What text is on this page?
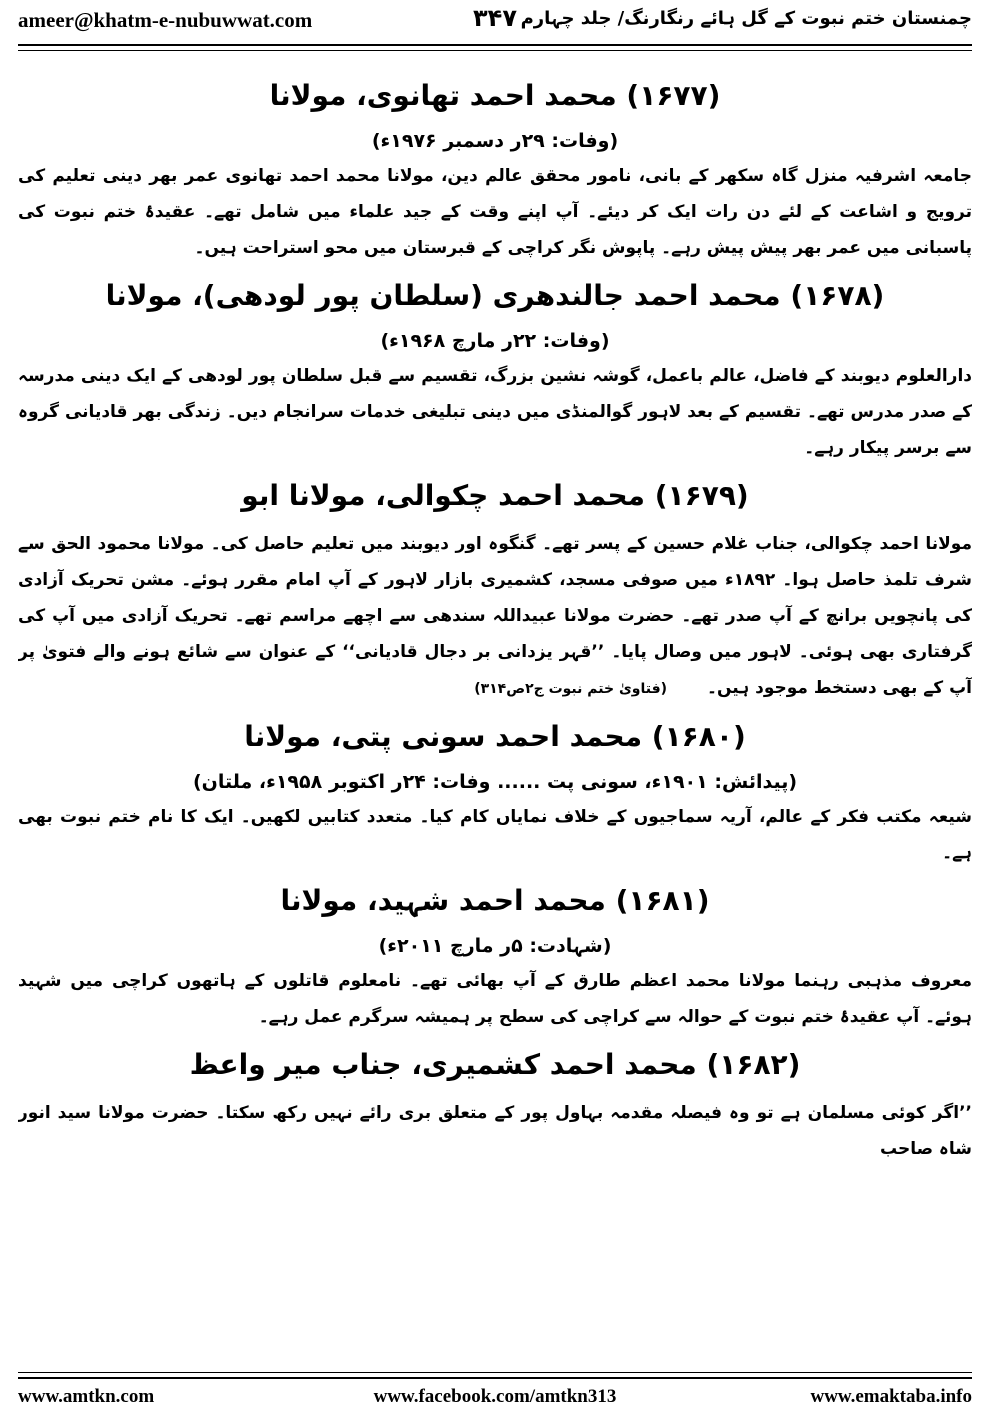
ameer@khatm-e-nubuwwat.com	۳۴۷ چمنستان ختم نبوت کے گل ہائے رنگارنگ/ جلد چہارم
(۱۶۷۷) محمد احمد تھانوی، مولانا
(وفات: ۲۹ر دسمبر ۱۹۷۶ء)
جامعہ اشرفیہ منزل گاہ سکھر کے بانی، نامور محقق عالم دین، مولانا محمد احمد تھانوی عمر بھر دینی تعلیم کی ترویج و اشاعت کے لئے دن رات ایک کر دیئے۔ آپ اپنے وقت کے جید علماء میں شامل تھے۔ عقیدۂ ختم نبوت کی پاسبانی میں عمر بھر پیش پیش رہے۔ پاپوش نگر کراچی کے قبرستان میں محو استراحت ہیں۔
(۱۶۷۸) محمد احمد جالندھری (سلطان پور لودھی)، مولانا
(وفات: ۲۲ر مارچ ۱۹۶۸ء)
دارالعلوم دیوبند کے فاضل، عالم باعمل، گوشہ نشین بزرگ، تقسیم سے قبل سلطان پور لودھی کے ایک دینی مدرسہ کے صدر مدرس تھے۔ تقسیم کے بعد لاہور گوالمنڈی میں دینی تبلیغی خدمات سرانجام دیں۔ زندگی بھر قادیانی گروہ سے برسر پیکار رہے۔
(۱۶۷۹) محمد احمد چکوالی، مولانا ابو
مولانا احمد چکوالی، جناب غلام حسین کے پسر تھے۔ گنگوہ اور دیوبند میں تعلیم حاصل کی۔ مولانا محمود الحق سے شرف تلمذ حاصل ہوا۔ ۱۸۹۲ء میں صوفی مسجد، کشمیری بازار لاہور کے آپ امام مقرر ہوئے۔ مشن تحریک آزادی کی پانچویں برانچ کے آپ صدر تھے۔ حضرت مولانا عبیداللہ سندھی سے اچھے مراسم تھے۔ تحریک آزادی میں آپ کی گرفتاری بھی ہوئی۔ لاہور میں وصال پایا۔ ’’قہر یزدانی بر دجال قادیانی‘‘ کے عنوان سے شائع ہونے والے فتویٰ پر آپ کے بھی دستخط موجود ہیں۔(فتاویٰ ختم نبوت ج۲ص۳۱۴)
(۱۶۸۰) محمد احمد سونی پتی، مولانا
(پیدائش: ۱۹۰۱ء، سونی پت ...... وفات: ۲۴ر اکتوبر ۱۹۵۸ء، ملتان)
شیعہ مکتب فکر کے عالم، آریہ سماجیوں کے خلاف نمایاں کام کیا۔ متعدد کتابیں لکھیں۔ ایک کا نام ختم نبوت بھی ہے۔
(۱۶۸۱) محمد احمد شہید، مولانا
(شہادت: ۵ر مارچ ۲۰۱۱ء)
معروف مذہبی رہنما مولانا محمد اعظم طارق کے آپ بھائی تھے۔ نامعلوم قاتلوں کے ہاتھوں کراچی میں شہید ہوئے۔ آپ عقیدۂ ختم نبوت کے حوالہ سے کراچی کی سطح پر ہمیشہ سرگرم عمل رہے۔
(۱۶۸۲) محمد احمد کشمیری، جناب میر واعظ
’’اگر کوئی مسلمان ہے تو وہ فیصلہ مقدمہ بہاول پور کے متعلق بری رائے نہیں رکھ سکتا۔ حضرت مولانا سید انور شاہ صاحب
www.amtkn.com	www.facebook.com/amtkn313	www.emaktaba.info
